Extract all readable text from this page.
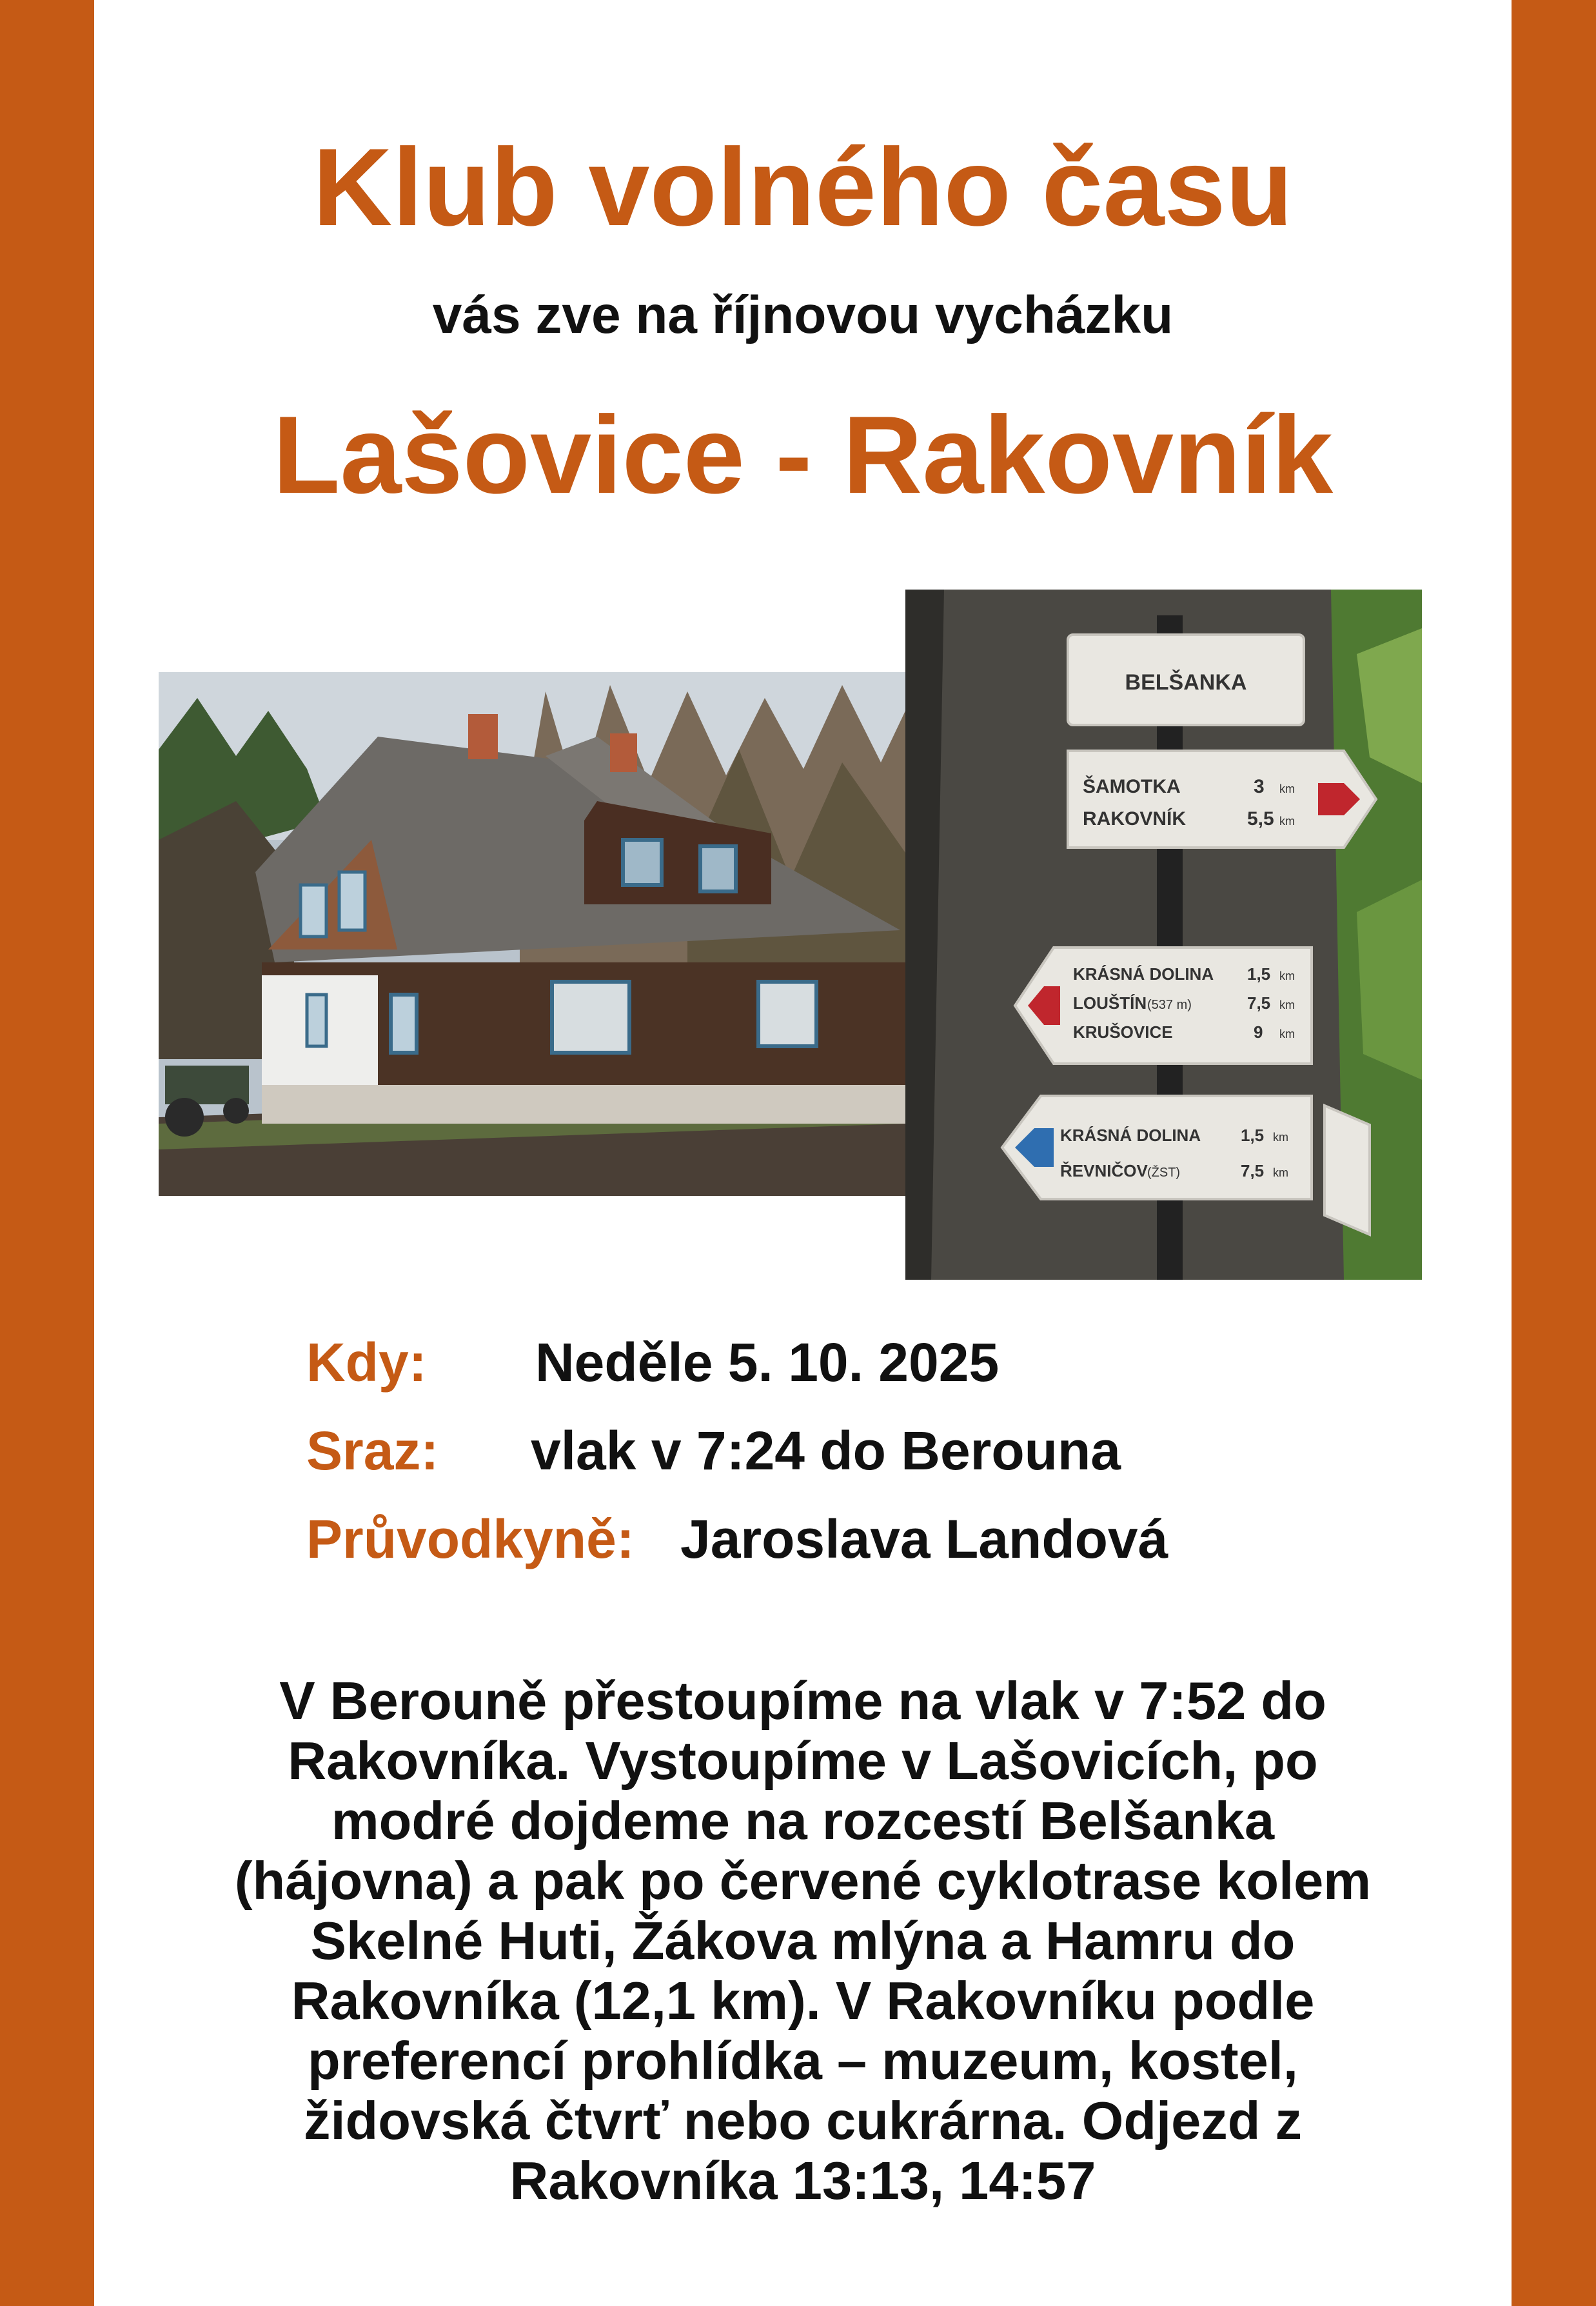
Klub volného času
vás zve na říjnovou vycházku
Lašovice - Rakovník
BELŠANKA
ŠAMOTKA	3 km
RAKOVNÍK	5,5 km
KRÁSNÁ DOLINA 1,5 km
LOUŠTÍN (537 m)	7,5 km
KRUŠOVICE	9 km
KRÁSNÁ DOLINA 1,5 km
ŘEVNIČOV (ŽST)	7,5 km
Kdy: Neděle 5. 10. 2025
Sraz: vlak v 7:24 do Berouna
Průvodkyně: Jaroslava Landová
V Berouně přestoupíme na vlak v 7:52 do
Rakovníka. Vystoupíme v Lašovicích, po
modré dojdeme na rozcestí Belšanka
(hájovna) a pak po červené cyklotrase kolem
Skelné Huti, Žákova mlýna a Hamru do
Rakovníka (12,1 km). V Rakovníku podle
preferencí prohlídka – muzeum, kostel,
židovská čtvrť nebo cukrárna. Odjezd z
Rakovníka 13:13, 14:57
